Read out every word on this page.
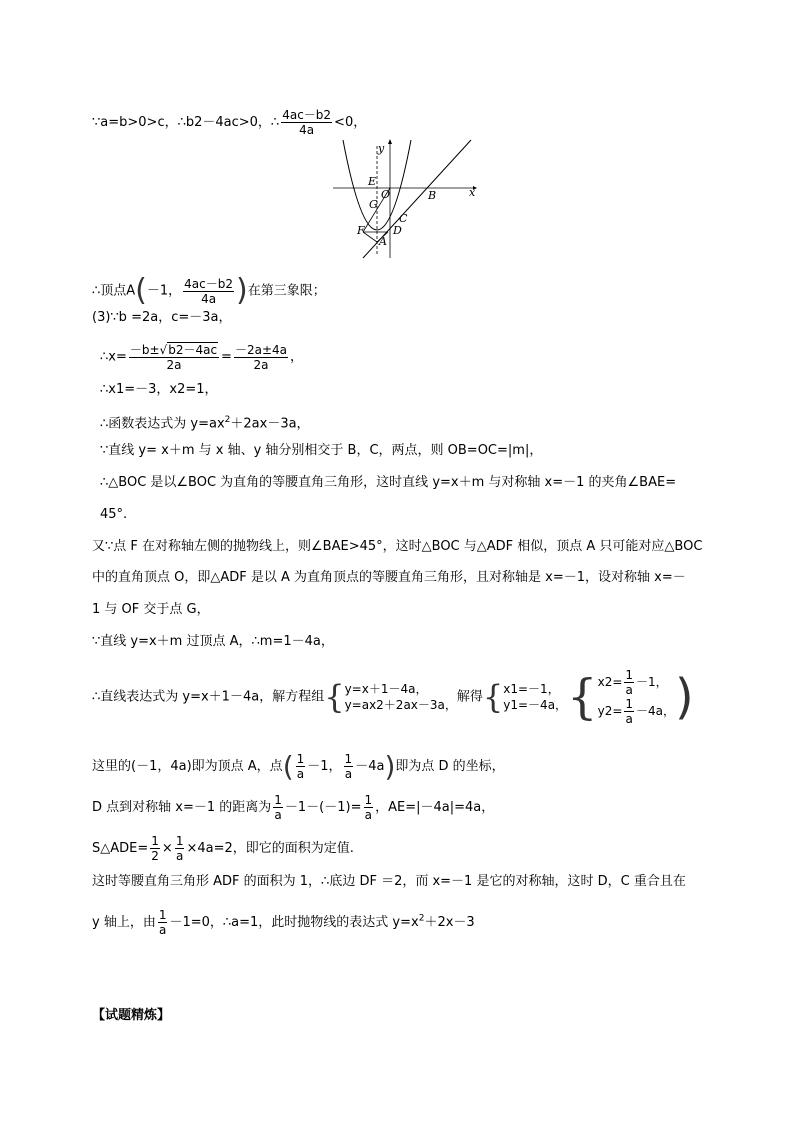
∵a=b>0>c，∴b2－4ac>0，∴ $\frac{4ac-b2}{4a} <0$，
y
x
E
O	B
G
C
F	D
A
∴顶点A(－1， $\frac{4ac-b2}{4a}$ )在第三象限；
(3)∵b =2a，c=－3a，
∴x= $\frac{-b\pm√b2-4ac}{2a} = \frac{-2a\pm 4a}{2a}$ ，
∴x1=－3，x2=1，
∴函数表达式为 $y=ax^2+2ax-3a$，
∵直线 y= x＋m 与 x 轴、y 轴分别相交于 B，C，两点，则 OB=OC=|m|，
∴△BOC 是以∠BOC 为直角的等腰直角三角形，这时直线 y=x＋m 与对称轴 x=－1 的夹角∠BAE=
45°.
又∵点 F 在对称轴左侧的抛物线上，则∠BAE>45°，这时△BOC 与△ADF 相似，顶点 A 只可能对应△BOC
中的直角顶点 O，即△ADF 是以 A 为直角顶点的等腰直角三角形，且对称轴是 x=－1，设对称轴 x=－
1 与 OF 交于点 G，
∵直线 y=x＋m 过顶点 A，∴m=1－4a，
∴直线表达式为 y=x＋1－4a，解方程组{ y=x＋1－4a，
y=ax2＋2ax－3a，
解得{ x1=－1，
y1=－4a， { $x2= \frac{1}{a} -1$，
$y2= \frac{1}{a} -4a$， )
这里的(－1，4a)即为顶点 A，点( $\frac{1}{a} -1$， $\frac{1}{a} -4a$)即为点 D 的坐标，
D 点到对称轴 x=－1 的距离为 $\frac{1}{a} -1-(-1)= \frac{1}{a}$ ，AE=|－4a|=4a，
S△ADE= $\frac{1}{2} \times \frac{1}{a} \times 4a=2$，即它的面积为定值.
这时等腰直角三角形 ADF 的面积为 1，∴底边 DF ＝2，而 x=－1 是它的对称轴，这时 D，C 重合且在
y 轴上，由 $\frac{1}{a} -1=0$，∴a=1，此时抛物线的表达式 $y=x^2+2x-3$
【试题精炼】
